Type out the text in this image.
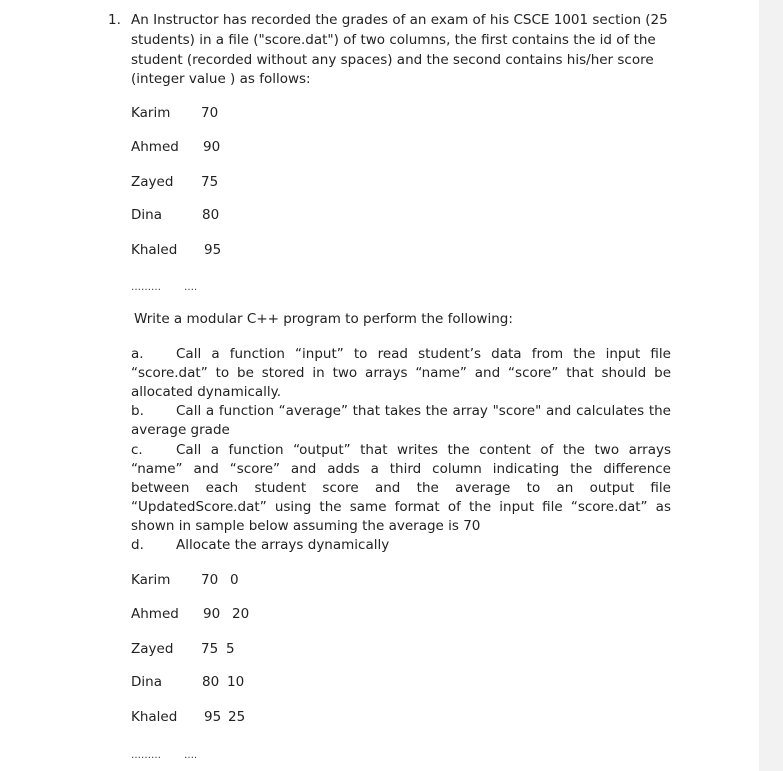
1. An Instructor has recorded the grades of an exam of his CSCE 1001 section (25
students) in a file ("score.dat") of two columns, the first contains the id of the
student (recorded without any spaces) and the second contains his/her score
(integer value ) as follows:
Karim 70
Ahmed 90
Zayed 75
Dina	80
Khaled 95
……… ….
Write a modular C++ program to perform the following:
a. Call a function “input” to read student’s data from the input file
“score.dat” to be stored in two arrays “name” and “score” that should be
allocated dynamically.
b. Call a function “average” that takes the array "score" and calculates the
average grade
c. Call a function “output” that writes the content of the two arrays
“name” and “score” and adds a third column indicating the difference
between each student score and the average to an output file
“UpdatedScore.dat” using the same format of the input file “score.dat” as
shown in sample below assuming the average is 70
d. Allocate the arrays dynamically
Karim 70 0
Ahmed 90 20
Zayed 75 5
Dina	80 10
Khaled 95 25
……… ….
